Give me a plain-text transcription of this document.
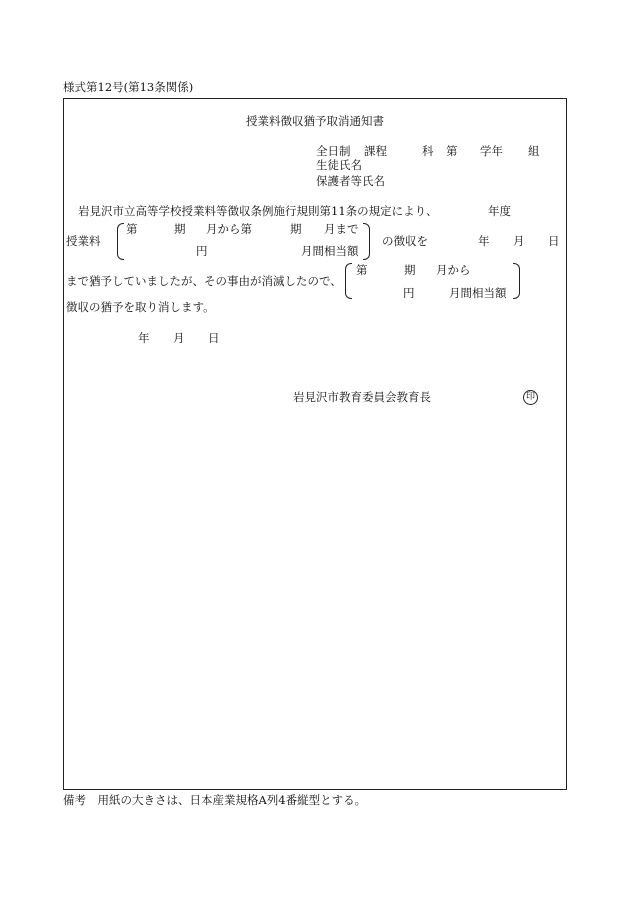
様式第12号(第13条関係)
授業料徴収猶予取消通知書
全日制 課程	科 第 学年 組
生徒氏名
保護者等氏名
岩見沢市立高等学校授業料等徴収条例施行規則第11条の規定により、	年度
授業料
第	期 月から第	期 月まで
円	月間相当額
の徴収を	年 月 日
まで猶予していましたが、その事由が消滅したので、
第	期 月から
円	月間相当額
徴収の猶予を取り消します。
年 月 日
岩見沢市教育委員会教育長	印
備考　用紙の大きさは、日本産業規格A列4番縦型とする。
